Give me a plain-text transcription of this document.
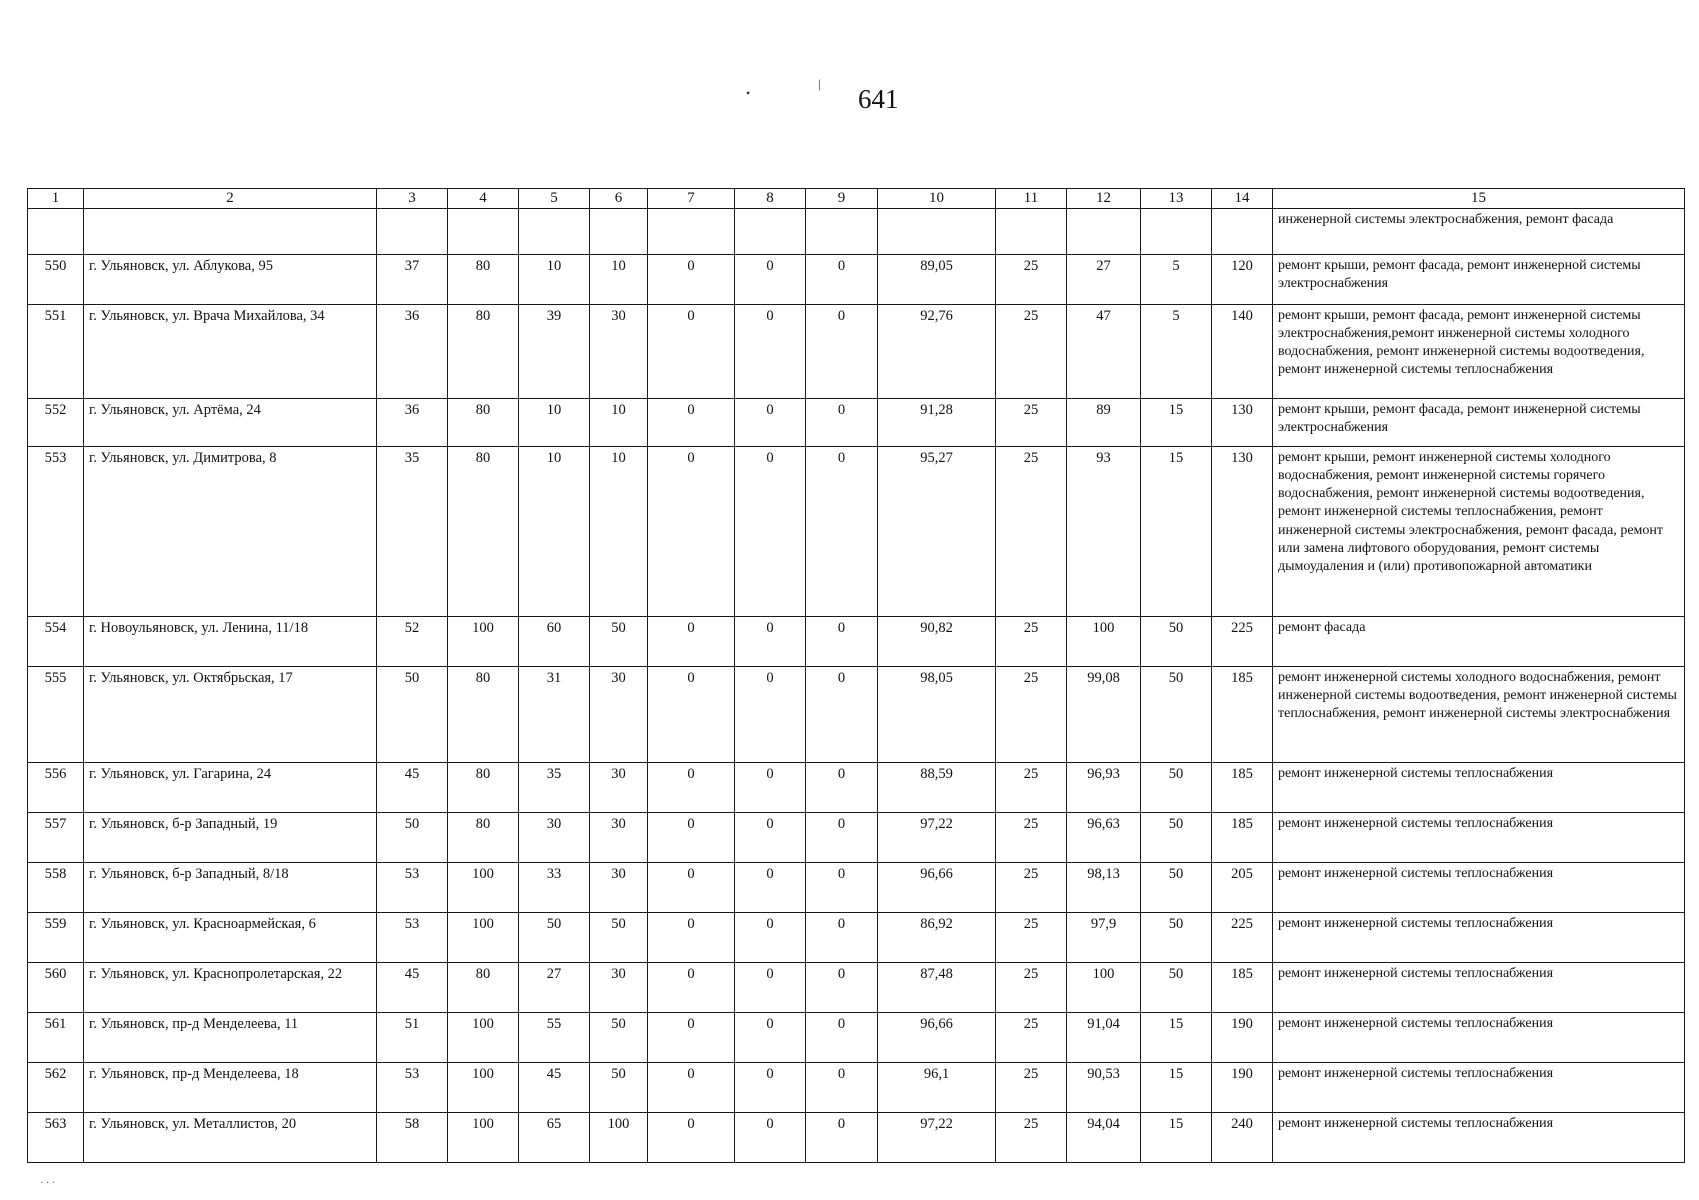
•
|
641
1	2	3	4	5	6	7	8	9	10	11	12	13	14	15
														инженерной системы электроснабжения, ремонт фасада
550	г. Ульяновск, ул. Аблукова, 95	37	80	10	10	0	0	0	89,05	25	27	5	120	ремонт крыши, ремонт фасада, ремонт инженерной системы электроснабжения
551	г. Ульяновск, ул. Врача Михайлова, 34	36	80	39	30	0	0	0	92,76	25	47	5	140	ремонт крыши, ремонт фасада, ремонт инженерной системы электроснабжения,ремонт инженерной системы холодного водоснабжения, ремонт инженерной системы водоотведения, ремонт инженерной системы теплоснабжения
552	г. Ульяновск, ул. Артёма, 24	36	80	10	10	0	0	0	91,28	25	89	15	130	ремонт крыши, ремонт фасада, ремонт инженерной системы электроснабжения
553	г. Ульяновск, ул. Димитрова, 8	35	80	10	10	0	0	0	95,27	25	93	15	130	ремонт крыши, ремонт инженерной системы холодного водоснабжения, ремонт инженерной системы горячего водоснабжения, ремонт инженерной системы водоотведения, ремонт инженерной системы теплоснабжения, ремонт инженерной системы электроснабжения, ремонт фасада, ремонт или замена лифтового оборудования, ремонт системы дымоудаления и (или) противопожарной автоматики
554	г. Новоульяновск, ул. Ленина, 11/18	52	100	60	50	0	0	0	90,82	25	100	50	225	ремонт фасада
555	г. Ульяновск, ул. Октябрьская, 17	50	80	31	30	0	0	0	98,05	25	99,08	50	185	ремонт инженерной системы холодного водоснабжения, ремонт инженерной системы водоотведения, ремонт инженерной системы теплоснабжения, ремонт инженерной системы электроснабжения
556	г. Ульяновск, ул. Гагарина, 24	45	80	35	30	0	0	0	88,59	25	96,93	50	185	ремонт инженерной системы теплоснабжения
557	г. Ульяновск, б-р Западный, 19	50	80	30	30	0	0	0	97,22	25	96,63	50	185	ремонт инженерной системы теплоснабжения
558	г. Ульяновск, б-р Западный, 8/18	53	100	33	30	0	0	0	96,66	25	98,13	50	205	ремонт инженерной системы теплоснабжения
559	г. Ульяновск, ул. Красноармейская, 6	53	100	50	50	0	0	0	86,92	25	97,9	50	225	ремонт инженерной системы теплоснабжения
560	г. Ульяновск, ул. Краснопролетарская, 22	45	80	27	30	0	0	0	87,48	25	100	50	185	ремонт инженерной системы теплоснабжения
561	г. Ульяновск, пр-д Менделеева, 11	51	100	55	50	0	0	0	96,66	25	91,04	15	190	ремонт инженерной системы теплоснабжения
562	г. Ульяновск, пр-д Менделеева, 18	53	100	45	50	0	0	0	96,1	25	90,53	15	190	ремонт инженерной системы теплоснабжения
563	г. Ульяновск, ул. Металлистов, 20	58	100	65	100	0	0	0	97,22	25	94,04	15	240	ремонт инженерной системы теплоснабжения
· · ·
